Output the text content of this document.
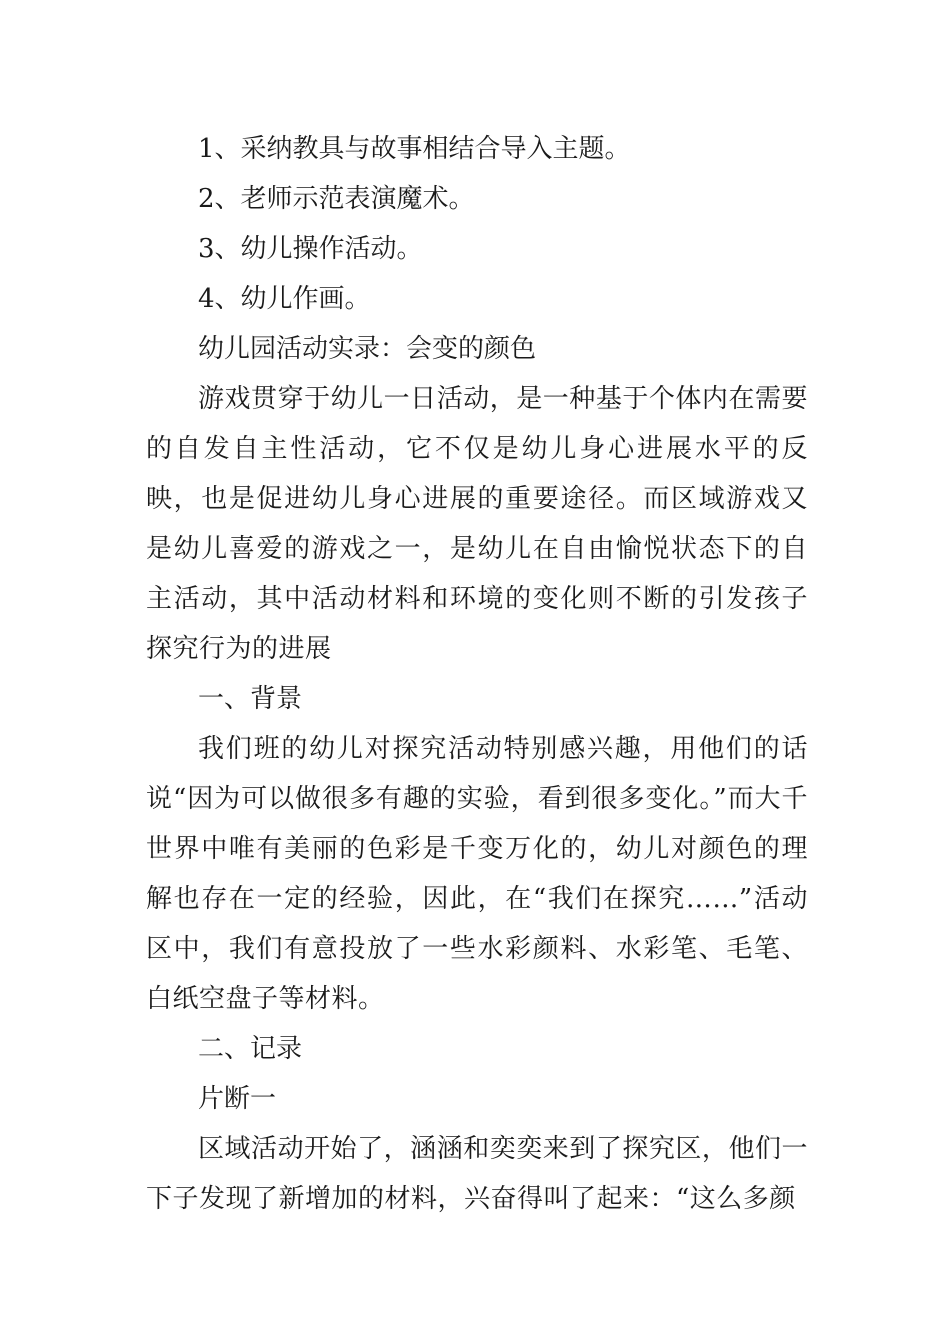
1、采纳教具与故事相结合导入主题。
2、老师示范表演魔术。
3、幼儿操作活动。
4、幼儿作画。
幼儿园活动实录：会变的颜色

游戏贯穿于幼儿一日活动，是一种基于个体内在需要的自发自主性活动，它不仅是幼儿身心进展水平的反映，也是促进幼儿身心进展的重要途径。而区域游戏又是幼儿喜爱的游戏之一，是幼儿在自由愉悦状态下的自主活动，其中活动材料和环境的变化则不断的引发孩子探究行为的进展

一、背景

我们班的幼儿对探究活动特别感兴趣，用他们的话说“因为可以做很多有趣的实验，看到很多变化。”而大千世界中唯有美丽的色彩是千变万化的，幼儿对颜色的理解也存在一定的经验，因此，在“我们在探究……”活动区中，我们有意投放了一些水彩颜料、水彩笔、毛笔、白纸空盘子等材料。

二、记录
片断一

区域活动开始了，涵涵和奕奕来到了探究区，他们一下子发现了新增加的材料，兴奋得叫了起来：“这么多颜
